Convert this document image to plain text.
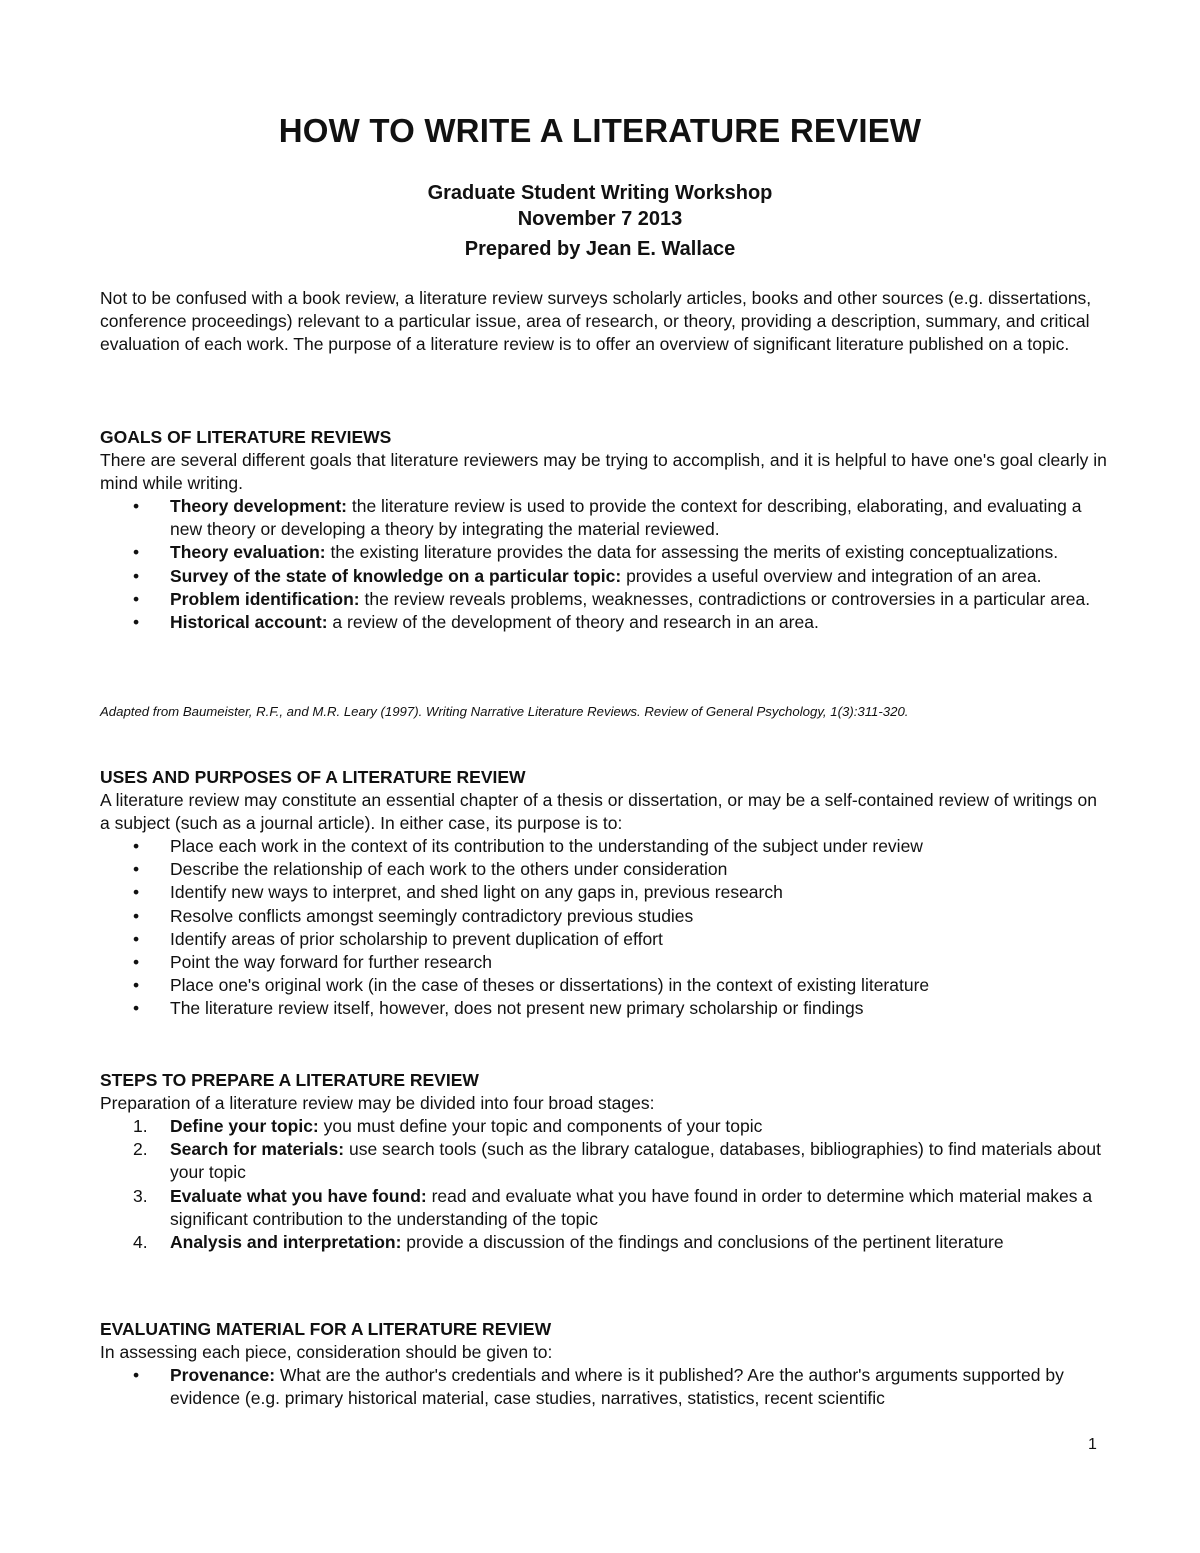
HOW TO WRITE A LITERATURE REVIEW
Graduate Student Writing Workshop
November 7 2013
Prepared by Jean E. Wallace

Not to be confused with a book review, a literature review surveys scholarly articles, books and other sources (e.g. dissertations, conference proceedings) relevant to a particular issue, area of research, or theory, providing a description, summary, and critical evaluation of each work. The purpose of a literature review is to offer an overview of significant literature published on a topic.

GOALS OF LITERATURE REVIEWS

There are several different goals that literature reviewers may be trying to accomplish, and it is helpful to have one's goal clearly in mind while writing.

• Theory development: the literature review is used to provide the context for describing, elaborating, and evaluating a new theory or developing a theory by integrating the material reviewed.
• Theory evaluation: the existing literature provides the data for assessing the merits of existing conceptualizations.
• Survey of the state of knowledge on a particular topic: provides a useful overview and integration of an area.
• Problem identification: the review reveals problems, weaknesses, contradictions or controversies in a particular area.
• Historical account: a review of the development of theory and research in an area.
Adapted from Baumeister, R.F., and M.R. Leary (1997). Writing Narrative Literature Reviews. Review of General Psychology, 1(3):311-320.
USES AND PURPOSES OF A LITERATURE REVIEW

A literature review may constitute an essential chapter of a thesis or dissertation, or may be a self-contained review of writings on a subject (such as a journal article). In either case, its purpose is to:

• Place each work in the context of its contribution to the understanding of the subject under review
• Describe the relationship of each work to the others under consideration
• Identify new ways to interpret, and shed light on any gaps in, previous research
• Resolve conflicts amongst seemingly contradictory previous studies
• Identify areas of prior scholarship to prevent duplication of effort
• Point the way forward for further research
• Place one's original work (in the case of theses or dissertations) in the context of existing literature
• The literature review itself, however, does not present new primary scholarship or findings
STEPS TO PREPARE A LITERATURE REVIEW

Preparation of a literature review may be divided into four broad stages:

1. Define your topic: you must define your topic and components of your topic
2. Search for materials: use search tools (such as the library catalogue, databases, bibliographies) to find materials about your topic
3. Evaluate what you have found: read and evaluate what you have found in order to determine which material makes a significant contribution to the understanding of the topic
4. Analysis and interpretation: provide a discussion of the findings and conclusions of the pertinent literature
EVALUATING MATERIAL FOR A LITERATURE REVIEW

In assessing each piece, consideration should be given to:

• Provenance: What are the author's credentials and where is it published? Are the author's arguments supported by evidence (e.g. primary historical material, case studies, narratives, statistics, recent scientific
1
